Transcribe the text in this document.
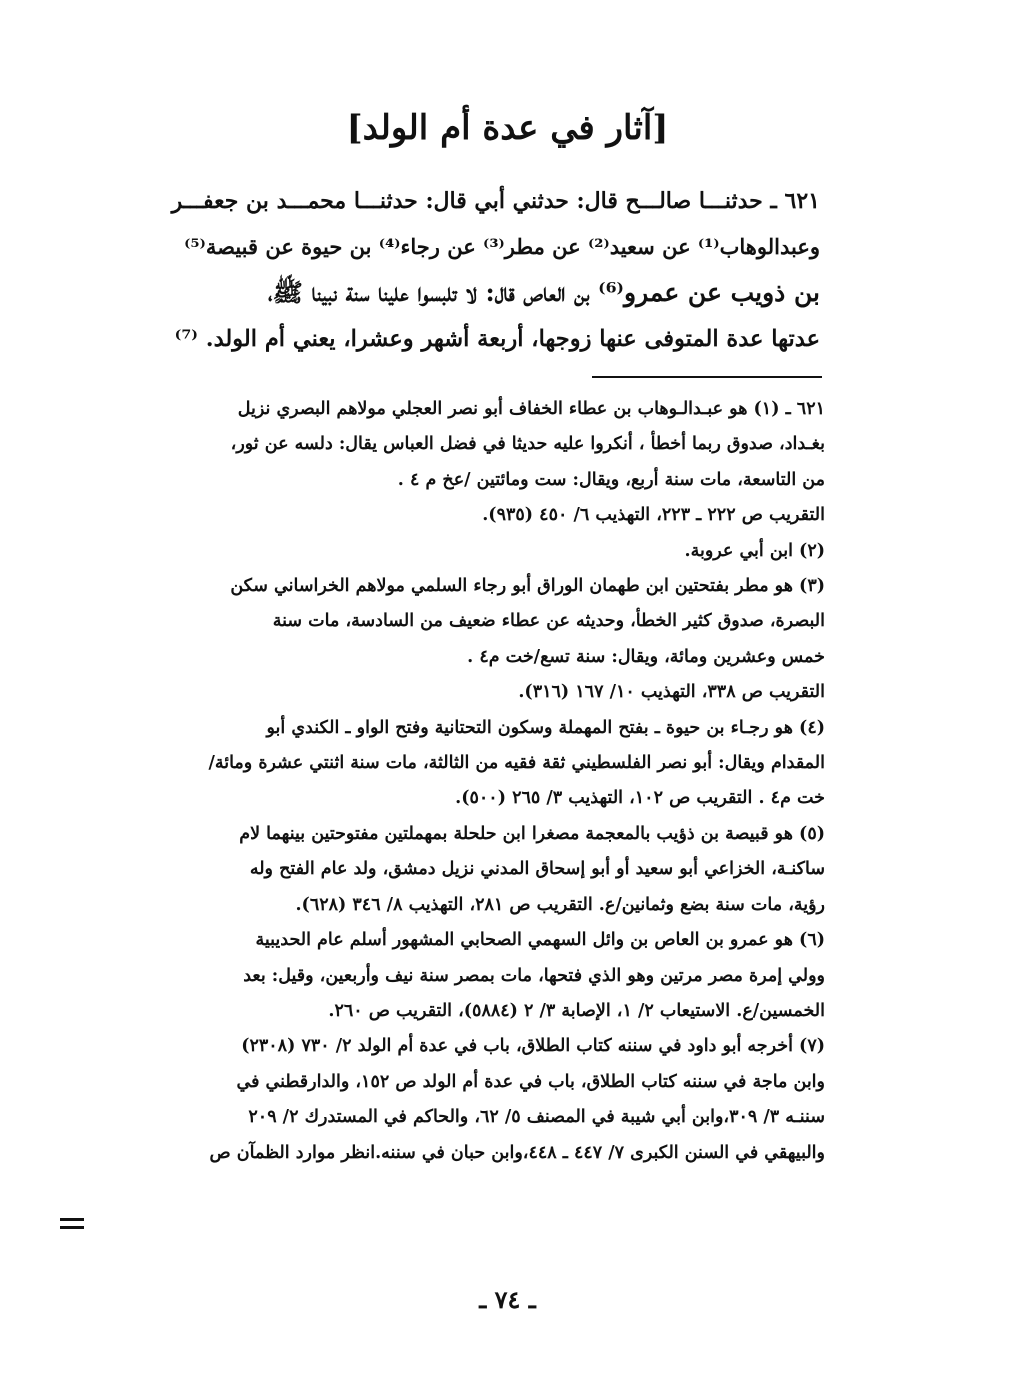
[آثار في عدة أم الولد]
٦٢١ ـ حدثنـــا صالـــح قال: حدثني أبي قال: حدثنـــا محمـــد بن جعفـــر
وعبدالوهاب⁽¹⁾ عن سعيد⁽²⁾ عن مطر⁽³⁾ عن رجاء⁽⁴⁾ بن حيوة عن قبيصة⁽⁵⁾
بن ذويب عن عمرو⁽⁶⁾ بن العاص قال: لا تلبسوا علينا سنة نبينا ﷺ،
عدتها عدة المتوفى عنها زوجها، أربعة أشهر وعشرا، يعني أم الولد. ⁽⁷⁾
٦٢١ ـ (١) هو عبـدالـوهاب بن عطاء الخفاف أبو نصر العجلي مولاهم البصري نزيل
بغـداد، صدوق ربما أخطأ ، أنكروا عليه حديثا في فضل العباس يقال: دلسه عن ثور،
من التاسعة، مات سنة أربع، ويقال: ست ومائتين /عخ م ٤ .
التقريب ص ٢٢٢ ـ ٢٢٣، التهذيب ٦/ ٤٥٠ (٩٣٥).
(٢) ابن أبي عروبة.
(٣) هو مطر بفتحتين ابن طهمان الوراق أبو رجاء السلمي مولاهم الخراساني سكن
البصرة، صدوق كثير الخطأ، وحديثه عن عطاء ضعيف من السادسة، مات سنة
خمس وعشرين ومائة، ويقال: سنة تسع/خت م٤ .
التقريب ص ٣٣٨، التهذيب ١٠/ ١٦٧ (٣١٦).
(٤) هو رجـاء بن حيوة ـ بفتح المهملة وسكون التحتانية وفتح الواو ـ الكندي أبو
المقدام ويقال: أبو نصر الفلسطيني ثقة فقيه من الثالثة، مات سنة اثنتي عشرة ومائة/
خت م٤ . التقريب ص ١٠٢، التهذيب ٣/ ٢٦٥ (٥٠٠).
(٥) هو قبيصة بن ذؤيب بالمعجمة مصغرا ابن حلحلة بمهملتين مفتوحتين بينهما لام
ساكنـة، الخزاعي أبو سعيد أو أبو إسحاق المدني نزيل دمشق، ولد عام الفتح وله
رؤية، مات سنة بضع وثمانين/ع. التقريب ص ٢٨١، التهذيب ٨/ ٣٤٦ (٦٢٨).
(٦) هو عمرو بن العاص بن وائل السهمي الصحابي المشهور أسلم عام الحديبية
وولي إمرة مصر مرتين وهو الذي فتحها، مات بمصر سنة نيف وأربعين، وقيل: بعد
الخمسين/ع. الاستيعاب ٢/ ١، الإصابة ٣/ ٢ (٥٨٨٤)، التقريب ص ٢٦٠.
(٧) أخرجه أبو داود في سننه كتاب الطلاق، باب في عدة أم الولد ٢/ ٧٣٠ (٢٣٠٨)
وابن ماجة في سننه كتاب الطلاق، باب في عدة أم الولد ص ١٥٢، والدارقطني في
سننـه ٣/ ٣٠٩،وابن أبي شيبة في المصنف ٥/ ٦٢، والحاكم في المستدرك ٢/ ٢٠٩
والبيهقي في السنن الكبرى ٧/ ٤٤٧ ـ ٤٤٨،وابن حبان في سننه.انظر موارد الظمآن ص
ـ ٧٤ ـ
